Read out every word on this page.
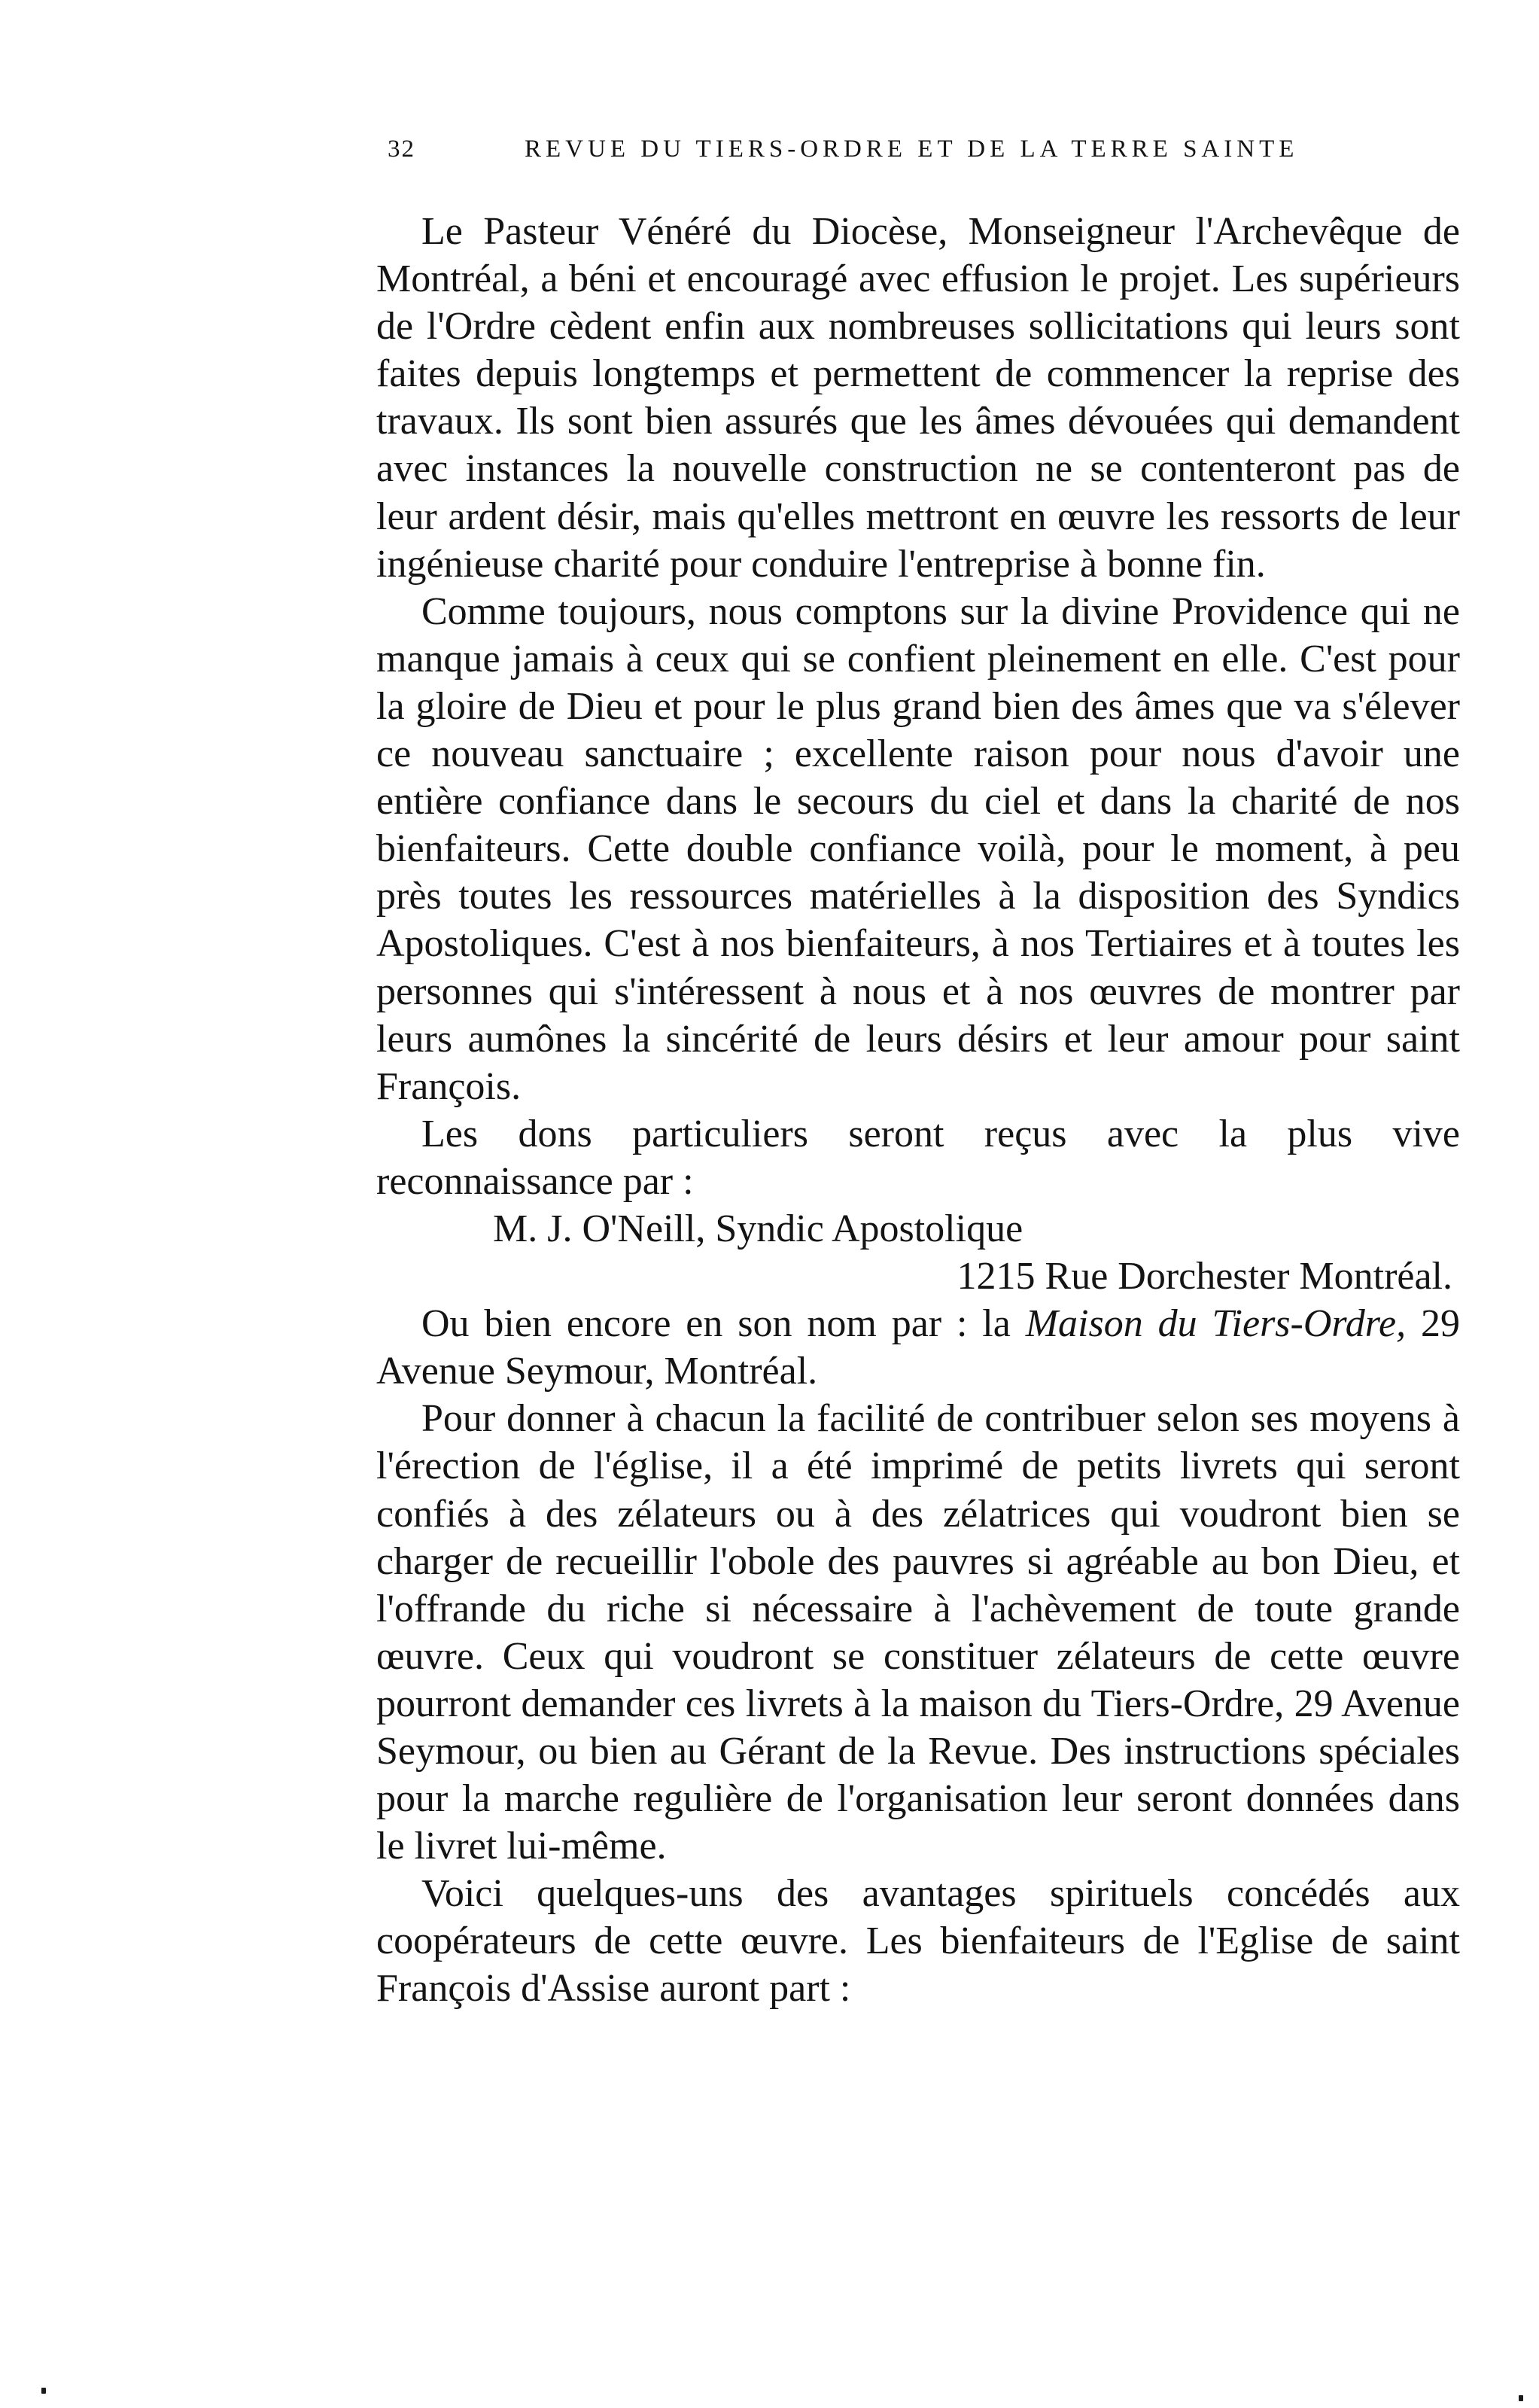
32	REVUE DU TIERS-ORDRE ET DE LA TERRE SAINTE

Le Pasteur Vénéré du Diocèse, Monseigneur l'Archevêque de Montréal, a béni et encouragé avec effusion le projet. Les supérieurs de l'Ordre cèdent enfin aux nombreuses sollicitations qui leurs sont faites depuis longtemps et permettent de commencer la reprise des travaux. Ils sont bien assurés que les âmes dévouées qui demandent avec instances la nouvelle construction ne se contenteront pas de leur ardent désir, mais qu'elles mettront en œuvre les ressorts de leur ingénieuse charité pour conduire l'entreprise à bonne fin.

Comme toujours, nous comptons sur la divine Providence qui ne manque jamais à ceux qui se confient pleinement en elle. C'est pour la gloire de Dieu et pour le plus grand bien des âmes que va s'élever ce nouveau sanctuaire ; excellente raison pour nous d'avoir une entière confiance dans le secours du ciel et dans la charité de nos bienfaiteurs. Cette double confiance voilà, pour le moment, à peu près toutes les ressources matérielles à la disposition des Syndics Apostoliques. C'est à nos bienfaiteurs, à nos Tertiaires et à toutes les personnes qui s'intéressent à nous et à nos œuvres de montrer par leurs aumônes la sincérité de leurs désirs et leur amour pour saint François.

Les dons particuliers seront reçus avec la plus vive reconnaissance par :

M. J. O'Neill, Syndic Apostolique

1215 Rue Dorchester Montréal.

Ou bien encore en son nom par : la Maison du Tiers-Ordre, 29 Avenue Seymour, Montréal.

Pour donner à chacun la facilité de contribuer selon ses moyens à l'érection de l'église, il a été imprimé de petits livrets qui seront confiés à des zélateurs ou à des zélatrices qui voudront bien se charger de recueillir l'obole des pauvres si agréable au bon Dieu, et l'offrande du riche si nécessaire à l'achèvement de toute grande œuvre. Ceux qui voudront se constituer zélateurs de cette œuvre pourront demander ces livrets à la maison du Tiers-Ordre, 29 Avenue Seymour, ou bien au Gérant de la Revue. Des instructions spéciales pour la marche regulière de l'organisation leur seront données dans le livret lui-même.

Voici quelques-uns des avantages spirituels concédés aux coopérateurs de cette œuvre. Les bienfaiteurs de l'Eglise de saint François d'Assise auront part :
